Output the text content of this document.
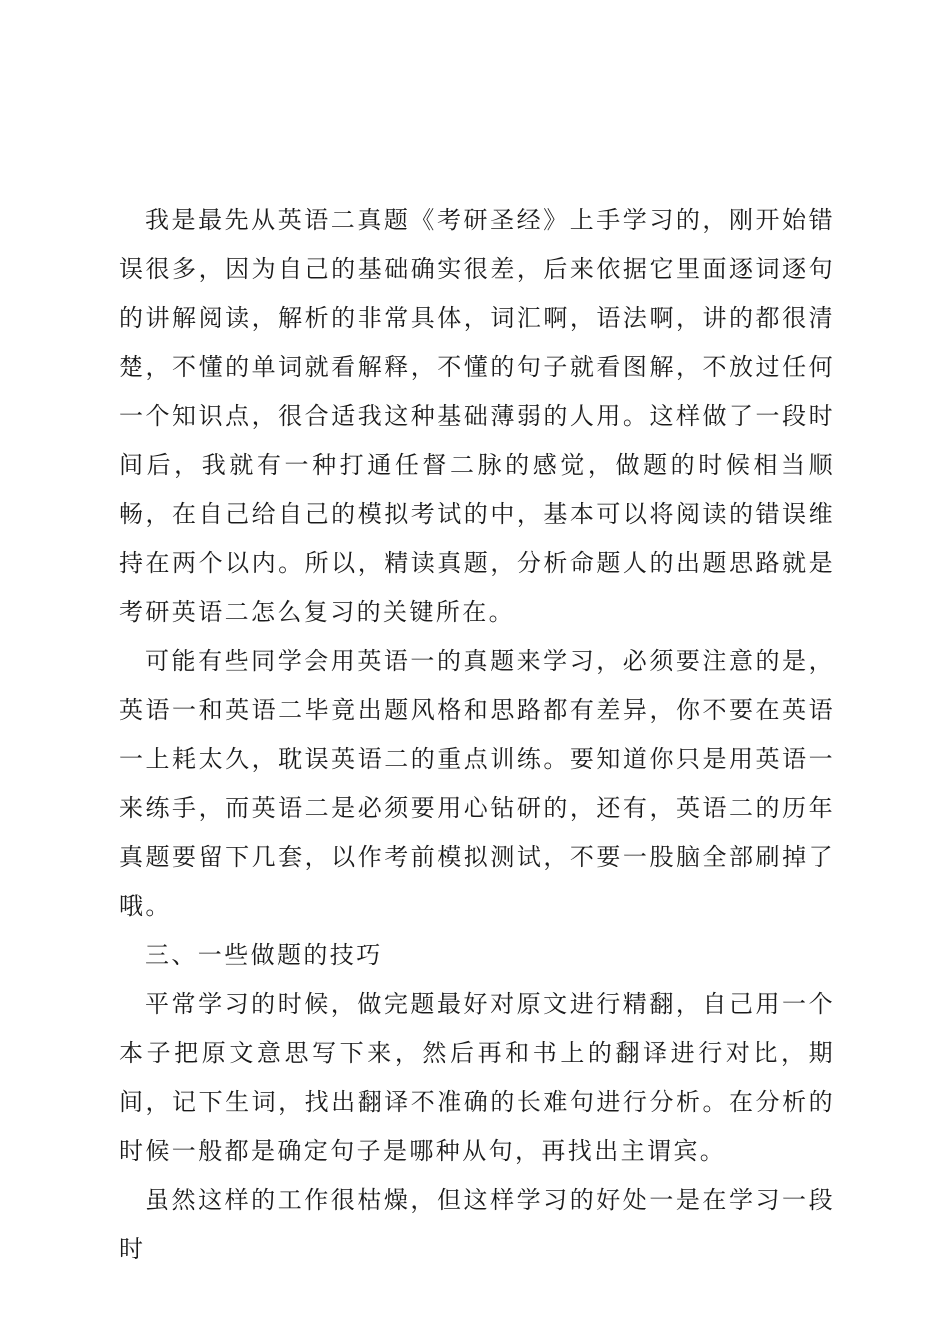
我是最先从英语二真题《考研圣经》上手学习的，刚开始错误很多，因为自己的基础确实很差，后来依据它里面逐词逐句的讲解阅读，解析的非常具体，词汇啊，语法啊，讲的都很清楚，不懂的单词就看解释，不懂的句子就看图解，不放过任何一个知识点，很合适我这种基础薄弱的人用。这样做了一段时间后，我就有一种打通任督二脉的感觉，做题的时候相当顺畅，在自己给自己的模拟考试的中，基本可以将阅读的错误维持在两个以内。所以，精读真题，分析命题人的出题思路就是考研英语二怎么复习的关键所在。

可能有些同学会用英语一的真题来学习，必须要注意的是，英语一和英语二毕竟出题风格和思路都有差异，你不要在英语一上耗太久，耽误英语二的重点训练。要知道你只是用英语一来练手，而英语二是必须要用心钻研的，还有，英语二的历年真题要留下几套，以作考前模拟测试，不要一股脑全部刷掉了哦。

三、一些做题的技巧

平常学习的时候，做完题最好对原文进行精翻，自己用一个本子把原文意思写下来，然后再和书上的翻译进行对比，期间，记下生词，找出翻译不准确的长难句进行分析。在分析的时候一般都是确定句子是哪种从句，再找出主谓宾。

虽然这样的工作很枯燥，但这样学习的好处一是在学习一段时
